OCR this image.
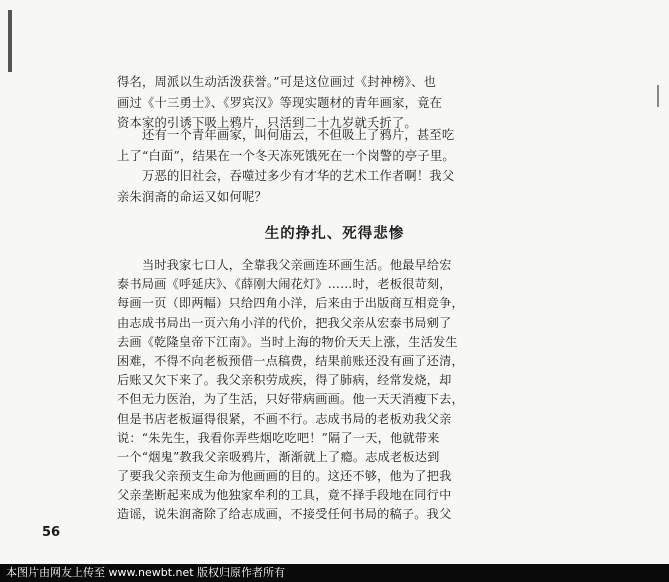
得名，周派以生动活泼获誉。”可是这位画过《封神榜》、也
画过《十三勇士》、《罗宾汉》等现实题材的青年画家，竟在
资本家的引诱下吸上鸦片，只活到二十九岁就夭折了。

还有一个青年画家，叫何庙云，不但吸上了鸦片，甚至吃
上了“白面”，结果在一个冬天冻死饿死在一个岗警的亭子里。

万恶的旧社会，吞噬过多少有才华的艺术工作者啊！我父
亲朱润斋的命运又如何呢？

生的挣扎、死得悲惨

当时我家七口人，全靠我父亲画连环画生活。他最早给宏
泰书局画《呼延庆》、《薛刚大闹花灯》……时，老板很苛刻，
每画一页（即两幅）只给四角小洋，后来由于出版商互相竞争，
由志成书局出一页六角小洋的代价，把我父亲从宏泰书局剜了
去画《乾隆皇帝下江南》。当时上海的物价天天上涨，生活发生
困难，不得不向老板预借一点稿费，结果前账还没有画了还清，
后账又欠下来了。我父亲积劳成疾，得了肺病，经常发烧，却
不但无力医治，为了生活，只好带病画画。他一天天消瘦下去，
但是书店老板逼得很紧，不画不行。志成书局的老板劝我父亲
说：“朱先生，我看你弄些烟吃吃吧！”隔了一天，他就带来
一个“烟鬼”教我父亲吸鸦片，渐渐就上了瘾。志成老板达到
了要我父亲预支生命为他画画的目的。这还不够，他为了把我
父亲垄断起来成为他独家牟利的工具，竟不择手段地在同行中
造谣，说朱润斋除了给志成画，不接受任何书局的稿子。我父

56
本图片由网友上传至 www.newbt.net 版权归原作者所有
